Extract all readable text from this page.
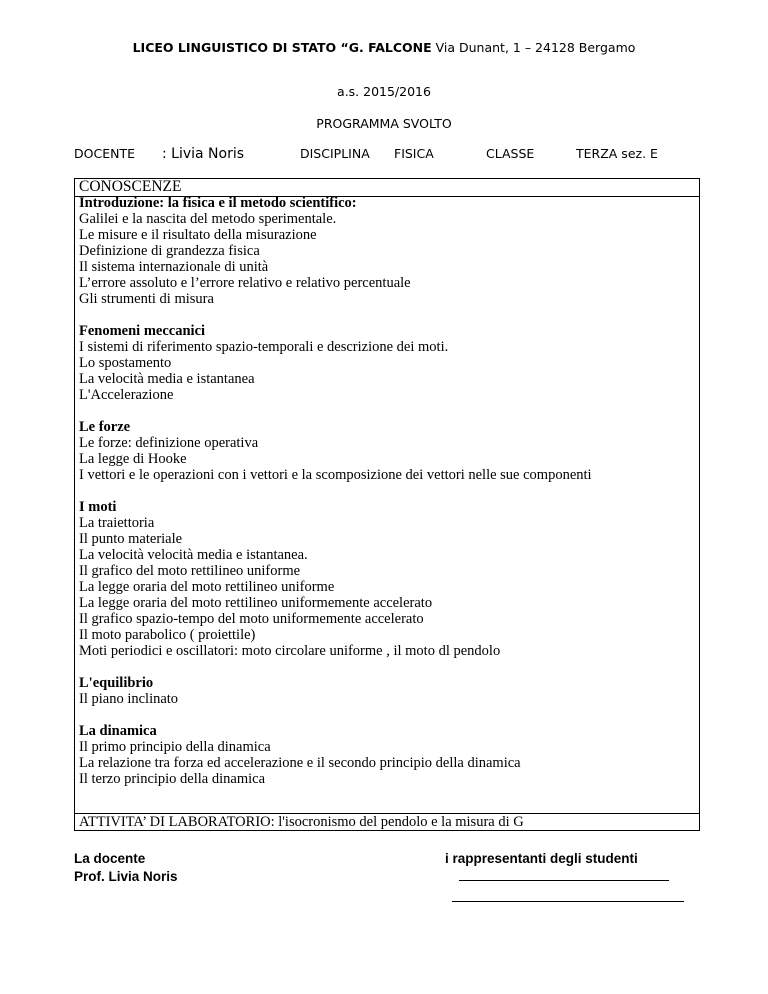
LICEO LINGUISTICO DI STATO “G. FALCONE Via Dunant, 1 – 24128 Bergamo
a.s. 2015/2016
PROGRAMMA SVOLTO
DOCENTE : Livia Noris	DISCIPLINA FISICA	CLASSE	TERZA sez. E
CONOSCENZE
Introduzione: la fisica e il metodo scientifico:
Galilei e la nascita del metodo sperimentale.
Le misure e il risultato della misurazione
Definizione di grandezza fisica
Il sistema internazionale di unità
L’errore assoluto e l’errore relativo e relativo percentuale
Gli strumenti di misura
Fenomeni meccanici
I sistemi di riferimento spazio-temporali e descrizione dei moti.
Lo spostamento
La velocità media e istantanea
L'Accelerazione
Le forze
Le forze: definizione operativa
La legge di Hooke
I vettori e le operazioni con i vettori e la scomposizione dei vettori nelle sue componenti
I moti
La traiettoria
Il punto materiale
La velocità velocità media e istantanea.
Il grafico del moto rettilineo uniforme
La legge oraria del moto rettilineo uniforme
La legge oraria del moto rettilineo uniformemente accelerato
Il grafico spazio-tempo del moto uniformemente accelerato
Il moto parabolico ( proiettile)
Moti periodici e oscillatori: moto circolare uniforme , il moto dl pendolo
L'equilibrio
Il piano inclinato
La dinamica
Il primo principio della dinamica
La relazione tra forza ed accelerazione e il secondo principio della dinamica
Il terzo principio della dinamica
ATTIVITA’ DI LABORATORIO: l'isocronismo del pendolo e la misura di G
La docente
Prof. Livia Noris
i rappresentanti degli studenti
